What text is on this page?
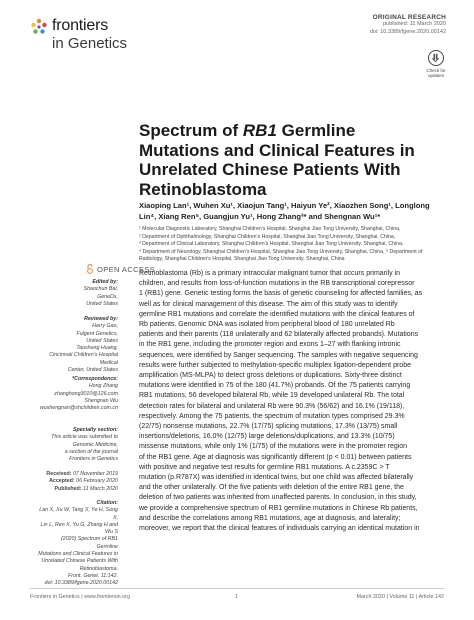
frontiers
in Genetics
ORIGINAL RESEARCH
published: 11 March 2020
doi: 10.3389/fgene.2020.00142
Check for updates
Spectrum of RB1 Germline Mutations and Clinical Features in Unrelated Chinese Patients With Retinoblastoma
Xiaoping Lan¹, Wuhen Xu¹, Xiaojun Tang¹, Haiyun Ye², Xiaozhen Song¹, Longlong Lin⁴, Xiang Ren⁵, Guangjun Yu¹, Hong Zhang³* and Shengnan Wu¹*
¹ Molecular Diagnostic Laboratory, Shanghai Children’s Hospital, Shanghai Jiao Tong University, Shanghai, China,
² Department of Ophthalmology, Shanghai Children’s Hospital, Shanghai Jiao Tong University, Shanghai, China,
³ Department of Clinical Laboratory, Shanghai Children’s Hospital, Shanghai Jiao Tong University, Shanghai, China,
⁴ Department of Neurology, Shanghai Children’s Hospital, Shanghai Jiao Tong University, Shanghai, China, ⁵ Department of Radiology, Shanghai Children’s Hospital, Shanghai Jiao Tong University, Shanghai, China
OPEN ACCESS
Edited by:
Shaochun Bai,
GeneDx,
United States
Reviewed by:
Harry Gao,
Fulgent Genetics,
United States
Taosheng Huang,
Cincinnati Children’s Hospital Medical
Center, United States
*Correspondence:
Hong Zhang
zhanghong3010@126.com
Shengnan Wu
wushengnan@shchildren.com.cn
Specialty section:
This article was submitted to
Genomic Medicine,
a section of the journal
Frontiers in Genetics
Received: 07 November 2019
Accepted: 06 February 2020
Published: 11 March 2020
Citation:
Lan X, Xu W, Tang X, Ye H, Song X,
Lin L, Ren X, Yu G, Zhang H and Wu S
(2020) Spectrum of RB1 Germline
Mutations and Clinical Features in
Unrelated Chinese Patients With
Retinoblastoma.
Front. Genet. 11:142.
doi: 10.3389/fgene.2020.00142
Retinoblastoma (Rb) is a primary intraocular malignant tumor that occurs primarily in
children, and results from loss-of-function mutations in the RB transcriptional corepressor
1 (RB1) gene. Genetic testing forms the basis of genetic counseling for affected families, as
well as for clinical management of this disease. The aim of this study was to identify
germline RB1 mutations and correlate the identified mutations with the clinical features of
Rb patients. Genomic DNA was isolated from peripheral blood of 180 unrelated Rb
patients and their parents (118 unilaterally and 62 bilaterally affected probands). Mutations
in the RB1 gene, including the promoter region and exons 1–27 with flanking intronic
sequences, were identified by Sanger sequencing. The samples with negative sequencing
results were further subjected to methylation-specific multiplex ligation-dependent probe
amplification (MS-MLPA) to detect gross deletions or duplications. Sixty-three distinct
mutations were identified in 75 of the 180 (41.7%) probands. Of the 75 patients carrying
RB1 mutations, 56 developed bilateral Rb, while 19 developed unilateral Rb. The total
detection rates for bilateral and unilateral Rb were 90.3% (56/62) and 16.1% (19/118),
respectively. Among the 75 patients, the spectrum of mutation types comprised 29.3%
(22/75) nonsense mutations, 22.7% (17/75) splicing mutations, 17.3% (13/75) small
insertions/deletions, 16.0% (12/75) large deletions/duplications, and 13.3% (10/75)
missense mutations, while only 1% (1/75) of the mutations were in the promoter region
of the RB1 gene. Age at diagnosis was significantly different (p < 0.01) between patients
with positive and negative test results for germline RB1 mutations. A c.2359C > T
mutation (p.R787X) was identified in identical twins, but one child was affected bilaterally
and the other unilaterally. Of the five patients with deletion of the entire RB1 gene, the
deletion of two patients was inherited from unaffected parents. In conclusion, in this study,
we provide a comprehensive spectrum of RB1 germline mutations in Chinese Rb patients,
and describe the correlations among RB1 mutations, age at diagnosis, and laterality;
moreover, we report that the clinical features of individuals carrying an identical mutation in
Frontiers in Genetics | www.frontiersin.org	1	March 2020 | Volume 11 | Article 142
